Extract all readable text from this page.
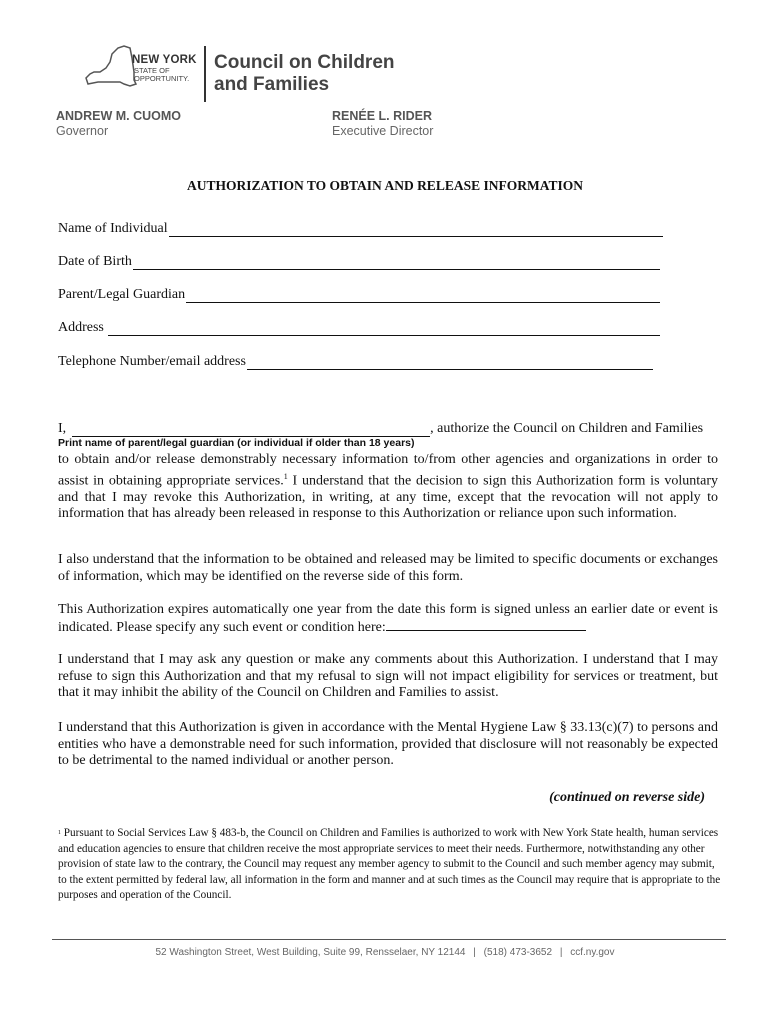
NEW YORK
STATE OF
OPPORTUNITY.
Council on Children
and Families
ANDREW M. CUOMO
Governor
RENÉE L. RIDER
Executive Director
AUTHORIZATION TO OBTAIN AND RELEASE INFORMATION
Name of Individual
Date of Birth
Parent/Legal Guardian
Address
Telephone Number/email address
I,	, authorize the Council on Children and Families
Print name of parent/legal guardian (or individual if older than 18 years)
to obtain and/or release demonstrably necessary information to/from other agencies and organizations in order to assist in obtaining appropriate services.$^1$ I understand that the decision to sign this Authorization form is voluntary and that I may revoke this Authorization, in writing, at any time, except that the revocation will not apply to information that has already been released in response to this Authorization or reliance upon such information.
I also understand that the information to be obtained and released may be limited to specific documents or exchanges of information, which may be identified on the reverse side of this form.
This Authorization expires automatically one year from the date this form is signed unless an earlier date or event is indicated. Please specify any such event or condition here:
I understand that I may ask any question or make any comments about this Authorization. I understand that I may refuse to sign this Authorization and that my refusal to sign will not impact eligibility for services or treatment, but that it may inhibit the ability of the Council on Children and Families to assist.
I understand that this Authorization is given in accordance with the Mental Hygiene Law § 33.13(c)(7) to persons and entities who have a demonstrable need for such information, provided that disclosure will not reasonably be expected to be detrimental to the named individual or another person.
(continued on reverse side)
$^1$ Pursuant to Social Services Law § 483-b, the Council on Children and Families is authorized to work with New York State health, human services and education agencies to ensure that children receive the most appropriate services to meet their needs. Furthermore, notwithstanding any other provision of state law to the contrary, the Council may request any member agency to submit to the Council and such member agency may submit, to the extent permitted by federal law, all information in the form and manner and at such times as the Council may require that is appropriate to the purposes and operation of the Council.
52 Washington Street, West Building, Suite 99, Rensselaer, NY 12144 | (518) 473-3652 | ccf.ny.gov
